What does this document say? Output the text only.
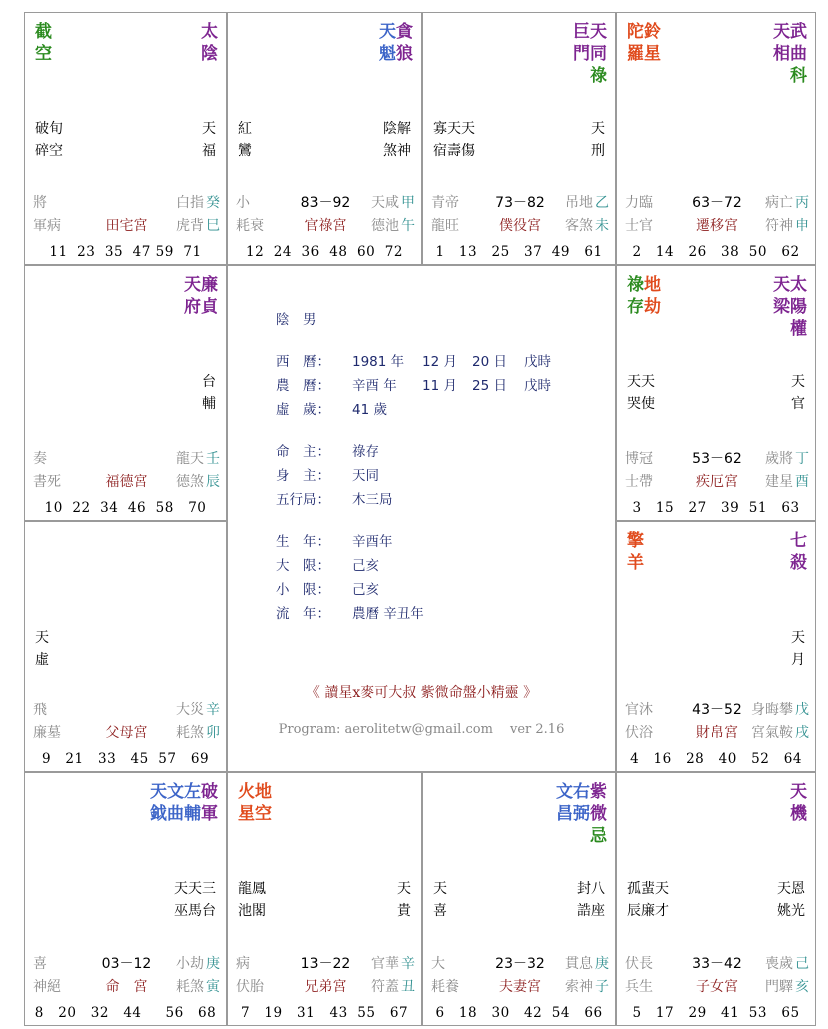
截
空
太
陰
破旬
碎空
天
福
將	白指 癸
軍病	田宅宮	虎背 巳
11  23  35  47 59  71
天
魁
貪
狼
紅
鸞
陰解
煞神
小	83－92	天咸 甲
耗衰	官祿宮	德池 午
12  24  36  48  60  72
巨
門
天
同
祿
寡天天
宿壽傷
天
刑
青帝	73－82	吊地 乙
龍旺	僕役宮	客煞 未
1   13   25   37  49   61
陀
羅
鈴
星
天
相
武
曲
科
力臨	63－72	病亡 丙
士官	遷移宮	符神 申
2   14   26   38  50   62
天
府
廉
貞
台
輔
奏	龍天 壬
書死	福德宮	德煞 辰
10  22  34  46  58   70
祿
存
地
劫
天
梁
太
陽
權
天天
哭使
天
官
博冠	53－62	歲將 丁
士帶	疾厄宮	建星 酉
3   15   27   39  51   63
天
虛
飛	大災 辛
廉墓	父母宮	耗煞 卯
9   21   33   45  57   69
擎
羊
七
殺
天
月
官沐	43－52 身晦攀 戊
伏浴	財帛宮 宮氣鞍 戌
4   16   28   40   52   64
天
鉞
文
曲
左
輔
破
軍
天天三
巫馬台
喜	03－12	小劫 庚
神絕	命　宮	耗煞 寅
8   20   32   44     56   68
火
星
地
空
龍鳳
池閣
天
貴
病	13－22	官華 辛
伏胎	兄弟宮	符蓋 丑
7   19   31   43  55   67
文
昌
右
弼
紫
微
忌
天
喜
封八
誥座
大	23－32	貫息 庚
耗養	夫妻宮	索神 子
6   18   30   42  54   66
天
機
孤蜚天
辰廉才
天恩
姚光
伏長	33－42	喪歲 己
兵生	子女宮	門驛 亥
5   17   29   41  53   65
陰　男
西　曆： 1981 年 12 月 20 日 戊時
農　曆： 辛酉 年 11 月 25 日 戊時
虛　歲： 41 歲
命　主： 祿存
身　主： 天同
五行局： 木三局
生　年： 辛酉年
大　限： 己亥
小　限： 己亥
流　年： 農曆 辛丑年
《 讀星x麥可大叔 紫微命盤小精靈 》
Program: aerolitetw@gmail.com　 ver 2.16
